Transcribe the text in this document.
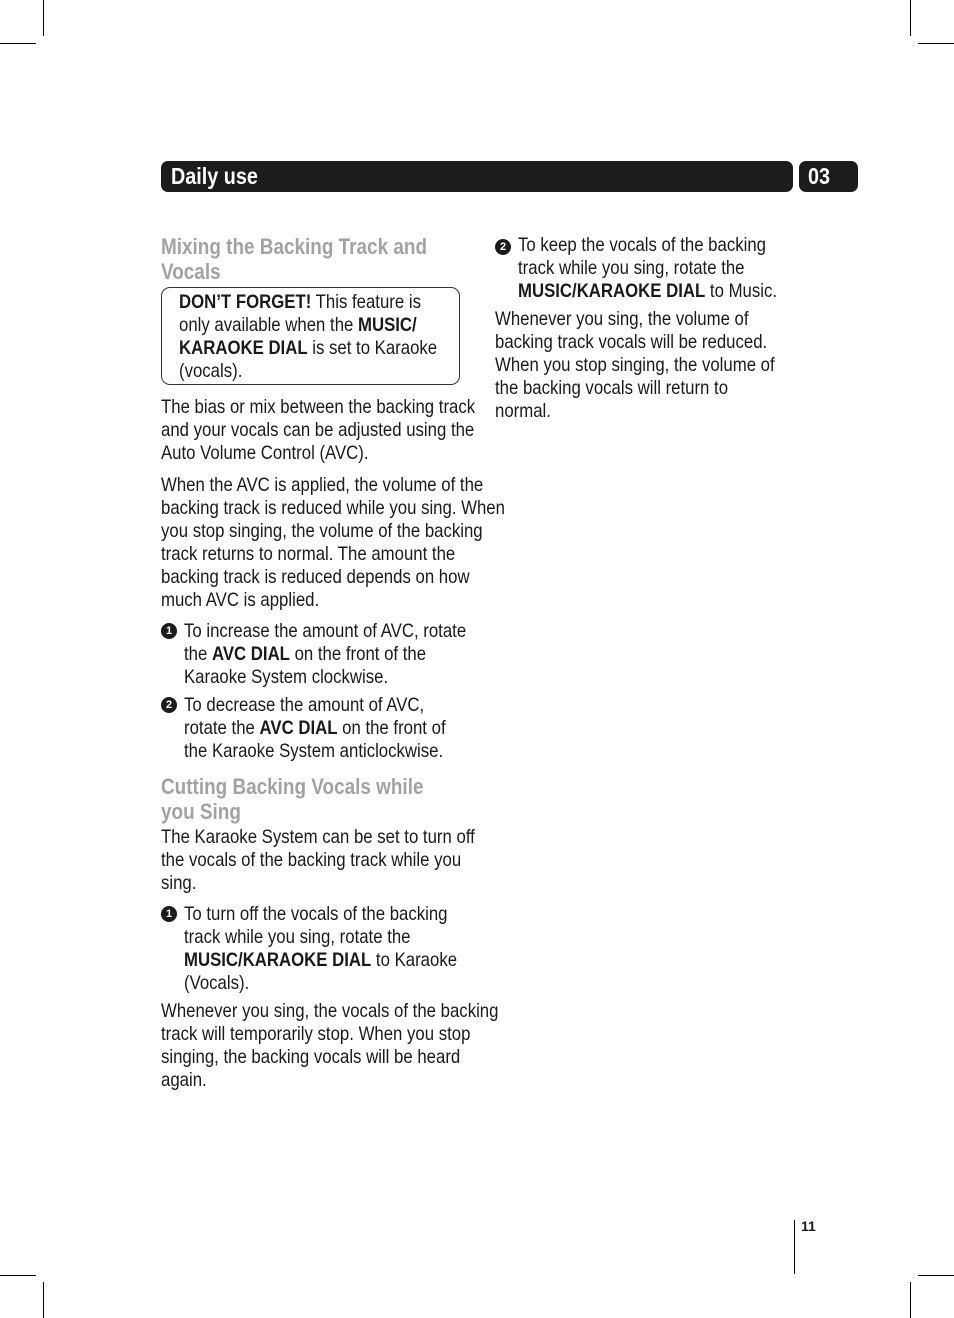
Daily use	03

Mixing the Backing Track and Vocals

DON’T FORGET! This feature is only available when the MUSIC/ KARAOKE DIAL is set to Karaoke (vocals).

The bias or mix between the backing track and your vocals can be adjusted using the Auto Volume Control (AVC).

When the AVC is applied, the volume of the backing track is reduced while you sing. When you stop singing, the volume of the backing track returns to normal. The amount the backing track is reduced depends on how much AVC is applied.

1 To increase the amount of AVC, rotate the AVC DIAL on the front of the Karaoke System clockwise.
2 To decrease the amount of AVC, rotate the AVC DIAL on the front of the Karaoke System anticlockwise.

Cutting Backing Vocals while you Sing

The Karaoke System can be set to turn off the vocals of the backing track while you sing.

1 To turn off the vocals of the backing track while you sing, rotate the MUSIC/KARAOKE DIAL to Karaoke (Vocals).

Whenever you sing, the vocals of the backing track will temporarily stop. When you stop singing, the backing vocals will be heard again.

2 To keep the vocals of the backing track while you sing, rotate the MUSIC/KARAOKE DIAL to Music.

Whenever you sing, the volume of backing track vocals will be reduced. When you stop singing, the volume of the backing vocals will return to normal.

11
